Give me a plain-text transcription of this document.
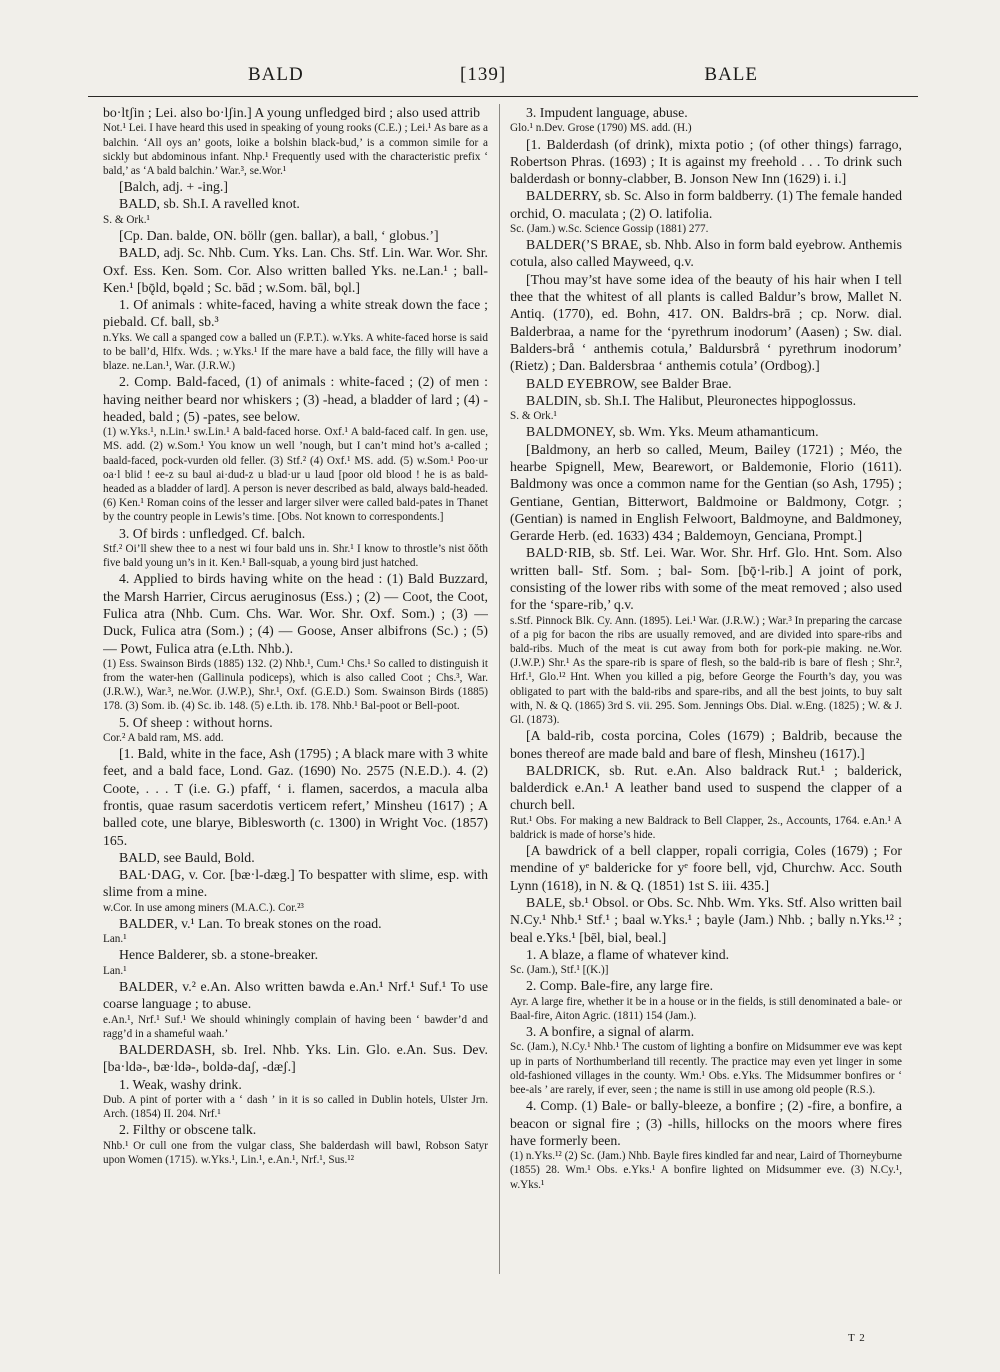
BALD	[139]	BALE

bo·ltʃin ; Lei. also bo·lʃin.] A young unfledged bird ; also used attrib

Not.¹ Lei. I have heard this used in speaking of young rooks (C.E.) ; Lei.¹ As bare as a balchin. ‘All oys an’ goots, loike a bolshin black-bud,’ is a common simile for a sickly but abdominous infant. Nhp.¹ Frequently used with the characteristic prefix ‘ bald,’ as ‘A bald balchin.’ War.³, se.Wor.¹

[Balch, adj. + -ing.]

BALD, sb. Sh.I. A ravelled knot.

S. & Ork.¹

[Cp. Dan. balde, ON. böllr (gen. ballar), a ball, ‘ globus.’]

BALD, adj. Sc. Nhb. Cum. Yks. Lan. Chs. Stf. Lin. War. Wor. Shr. Oxf. Ess. Ken. Som. Cor. Also written balled Yks. ne.Lan.¹ ; ball- Ken.¹ [bǭld, bǫəld ; Sc. bād ; w.Som. bāl, bǫl.]

1. Of animals : white-faced, having a white streak down the face ; piebald. Cf. ball, sb.³

n.Yks. We call a spanged cow a balled un (F.P.T.). w.Yks. A white-faced horse is said to be ball’d, Hlfx. Wds. ; w.Yks.¹ If the mare have a bald face, the filly will have a blaze. ne.Lan.¹, War. (J.R.W.)

2. Comp. Bald-faced, (1) of animals : white-faced ; (2) of men : having neither beard nor whiskers ; (3) -head, a bladder of lard ; (4) -headed, bald ; (5) -pates, see below.

(1) w.Yks.¹, n.Lin.¹ sw.Lin.¹ A bald-faced horse. Oxf.¹ A bald-faced calf. In gen. use, MS. add. (2) w.Som.¹ You know un well ’nough, but I can’t mind hot’s a-called ; baald-faced, pock-vurden old feller. (3) Stf.² (4) Oxf.¹ MS. add. (5) w.Som.¹ Poo·ur oa·l blid ! ee-z su baul ai·dud-z u blad·ur u laud [poor old blood ! he is as bald-headed as a bladder of lard]. A person is never described as bald, always bald-headed. (6) Ken.¹ Roman coins of the lesser and larger silver were called bald-pates in Thanet by the country people in Lewis’s time. [Obs. Not known to correspondents.]

3. Of birds : unfledged. Cf. balch.

Stf.² Oi’ll shew thee to a nest wi four bald uns in. Shr.¹ I know to throstle’s nist ŏŏth five bald young un’s in it. Ken.¹ Ball-squab, a young bird just hatched.

4. Applied to birds having white on the head : (1) Bald Buzzard, the Marsh Harrier, Circus aeruginosus (Ess.) ; (2) — Coot, the Coot, Fulica atra (Nhb. Cum. Chs. War. Wor. Shr. Oxf. Som.) ; (3) — Duck, Fulica atra (Som.) ; (4) — Goose, Anser albifrons (Sc.) ; (5) — Powt, Fulica atra (e.Lth. Nhb.).

(1) Ess. Swainson Birds (1885) 132. (2) Nhb.¹, Cum.¹ Chs.¹ So called to distinguish it from the water-hen (Gallinula podiceps), which is also called Coot ; Chs.³, War. (J.R.W.), War.³, ne.Wor. (J.W.P.), Shr.¹, Oxf. (G.E.D.) Som. Swainson Birds (1885) 178. (3) Som. ib. (4) Sc. ib. 148. (5) e.Lth. ib. 178. Nhb.¹ Bal-poot or Bell-poot.

5. Of sheep : without horns.

Cor.² A bald ram, MS. add.

[1. Bald, white in the face, Ash (1795) ; A black mare with 3 white feet, and a bald face, Lond. Gaz. (1690) No. 2575 (N.E.D.). 4. (2) Coote, . . . T (i.e. G.) pfaff, ‘ i. flamen, sacerdos, a macula alba frontis, quae rasum sacerdotis verticem refert,’ Minsheu (1617) ; A balled cote, une blarye, Biblesworth (c. 1300) in Wright Voc. (1857) 165.

BALD, see Bauld, Bold.

BAL·DAG, v. Cor. [bæ·l-dæg.] To bespatter with slime, esp. with slime from a mine.

w.Cor. In use among miners (M.A.C.). Cor.²³

BALDER, v.¹ Lan. To break stones on the road.

Lan.¹

Hence Balderer, sb. a stone-breaker.

Lan.¹

BALDER, v.² e.An. Also written bawda e.An.¹ Nrf.¹ Suf.¹ To use coarse language ; to abuse.

e.An.¹, Nrf.¹ Suf.¹ We should whiningly complain of having been ‘ bawder’d and ragg’d in a shameful waah.’

BALDERDASH, sb. Irel. Nhb. Yks. Lin. Glo. e.An. Sus. Dev. [ba·ldə-, bæ·ldə-, boldə-daʃ, -dæʃ.]

1. Weak, washy drink.

Dub. A pint of porter with a ‘ dash ’ in it is so called in Dublin hotels, Ulster Jrn. Arch. (1854) II. 204. Nrf.¹

2. Filthy or obscene talk.

Nhb.¹ Or cull one from the vulgar class, She balderdash will bawl, Robson Satyr upon Women (1715). w.Yks.¹, Lin.¹, e.An.¹, Nrf.¹, Sus.¹²

3. Impudent language, abuse.

Glo.¹ n.Dev. Grose (1790) MS. add. (H.)

[1. Balderdash (of drink), mixta potio ; (of other things) farrago, Robertson Phras. (1693) ; It is against my freehold . . . To drink such balderdash or bonny-clabber, B. Jonson New Inn (1629) i. i.]

BALDERRY, sb. Sc. Also in form baldberry. (1) The female handed orchid, O. maculata ; (2) O. latifolia.

Sc. (Jam.) w.Sc. Science Gossip (1881) 277.

BALDER(’S BRAE, sb. Nhb. Also in form bald eyebrow. Anthemis cotula, also called Mayweed, q.v.

[Thou may’st have some idea of the beauty of his hair when I tell thee that the whitest of all plants is called Baldur’s brow, Mallet N. Antiq. (1770), ed. Bohn, 417. ON. Baldrs-brā ; cp. Norw. dial. Balderbraa, a name for the ‘pyrethrum inodorum’ (Aasen) ; Sw. dial. Balders-brå ‘ anthemis cotula,’ Baldursbrå ‘ pyrethrum inodorum’ (Rietz) ; Dan. Baldersbraa ‘ anthemis cotula’ (Ordbog).]

BALD EYEBROW, see Balder Brae.

BALDIN, sb. Sh.I. The Halibut, Pleuronectes hippoglossus.

S. & Ork.¹

BALDMONEY, sb. Wm. Yks. Meum athamanticum.

[Baldmony, an herb so called, Meum, Bailey (1721) ; Méo, the hearbe Spignell, Mew, Bearewort, or Baldemonie, Florio (1611). Baldmony was once a common name for the Gentian (so Ash, 1795) ; Gentiane, Gentian, Bitterwort, Baldmoine or Baldmony, Cotgr. ; (Gentian) is named in English Felwoort, Baldmoyne, and Baldmoney, Gerarde Herb. (ed. 1633) 434 ; Baldemoyn, Genciana, Prompt.]

BALD·RIB, sb. Stf. Lei. War. Wor. Shr. Hrf. Glo. Hnt. Som. Also written ball- Stf. Som. ; bal- Som. [bǭ·l-rib.] A joint of pork, consisting of the lower ribs with some of the meat removed ; also used for the ‘spare-rib,’ q.v.

s.Stf. Pinnock Blk. Cy. Ann. (1895). Lei.¹ War. (J.R.W.) ; War.³ In preparing the carcase of a pig for bacon the ribs are usually removed, and are divided into spare-ribs and bald-ribs. Much of the meat is cut away from both for pork-pie making. ne.Wor. (J.W.P.) Shr.¹ As the spare-rib is spare of flesh, so the bald-rib is bare of flesh ; Shr.², Hrf.¹, Glo.¹² Hnt. When you killed a pig, before George the Fourth’s day, you was obligated to part with the bald-ribs and spare-ribs, and all the best joints, to buy salt with, N. & Q. (1865) 3rd S. vii. 295. Som. Jennings Obs. Dial. w.Eng. (1825) ; W. & J. Gl. (1873).

[A bald-rib, costa porcina, Coles (1679) ; Baldrib, because the bones thereof are made bald and bare of flesh, Minsheu (1617).]

BALDRICK, sb. Rut. e.An. Also baldrack Rut.¹ ; balderick, balderdick e.An.¹ A leather band used to suspend the clapper of a church bell.

Rut.¹ Obs. For making a new Baldrack to Bell Clapper, 2s., Accounts, 1764. e.An.¹ A baldrick is made of horse’s hide.

[A bawdrick of a bell clapper, ropali corrigia, Coles (1679) ; For mendine of yᵉ baldericke for yᵉ foore bell, vjd, Churchw. Acc. South Lynn (1618), in N. & Q. (1851) 1st S. iii. 435.]

BALE, sb.¹ Obsol. or Obs. Sc. Nhb. Wm. Yks. Stf. Also written bail N.Cy.¹ Nhb.¹ Stf.¹ ; baal w.Yks.¹ ; bayle (Jam.) Nhb. ; bally n.Yks.¹² ; beal e.Yks.¹ [bēl, biəl, beəl.]

1. A blaze, a flame of whatever kind.

Sc. (Jam.), Stf.¹ [(K.)]

2. Comp. Bale-fire, any large fire.

Ayr. A large fire, whether it be in a house or in the fields, is still denominated a bale- or Baal-fire, Aiton Agric. (1811) 154 (Jam.).

3. A bonfire, a signal of alarm.

Sc. (Jam.), N.Cy.¹ Nhb.¹ The custom of lighting a bonfire on Midsummer eve was kept up in parts of Northumberland till recently. The practice may even yet linger in some old-fashioned villages in the county. Wm.¹ Obs. e.Yks. The Midsummer bonfires or ‘ bee-als ’ are rarely, if ever, seen ; the name is still in use among old people (R.S.).

4. Comp. (1) Bale- or bally-bleeze, a bonfire ; (2) -fire, a bonfire, a beacon or signal fire ; (3) -hills, hillocks on the moors where fires have formerly been.

(1) n.Yks.¹² (2) Sc. (Jam.) Nhb. Bayle fires kindled far and near, Laird of Thorneyburne (1855) 28. Wm.¹ Obs. e.Yks.¹ A bonfire lighted on Midsummer eve. (3) N.Cy.¹, w.Yks.¹

T 2
